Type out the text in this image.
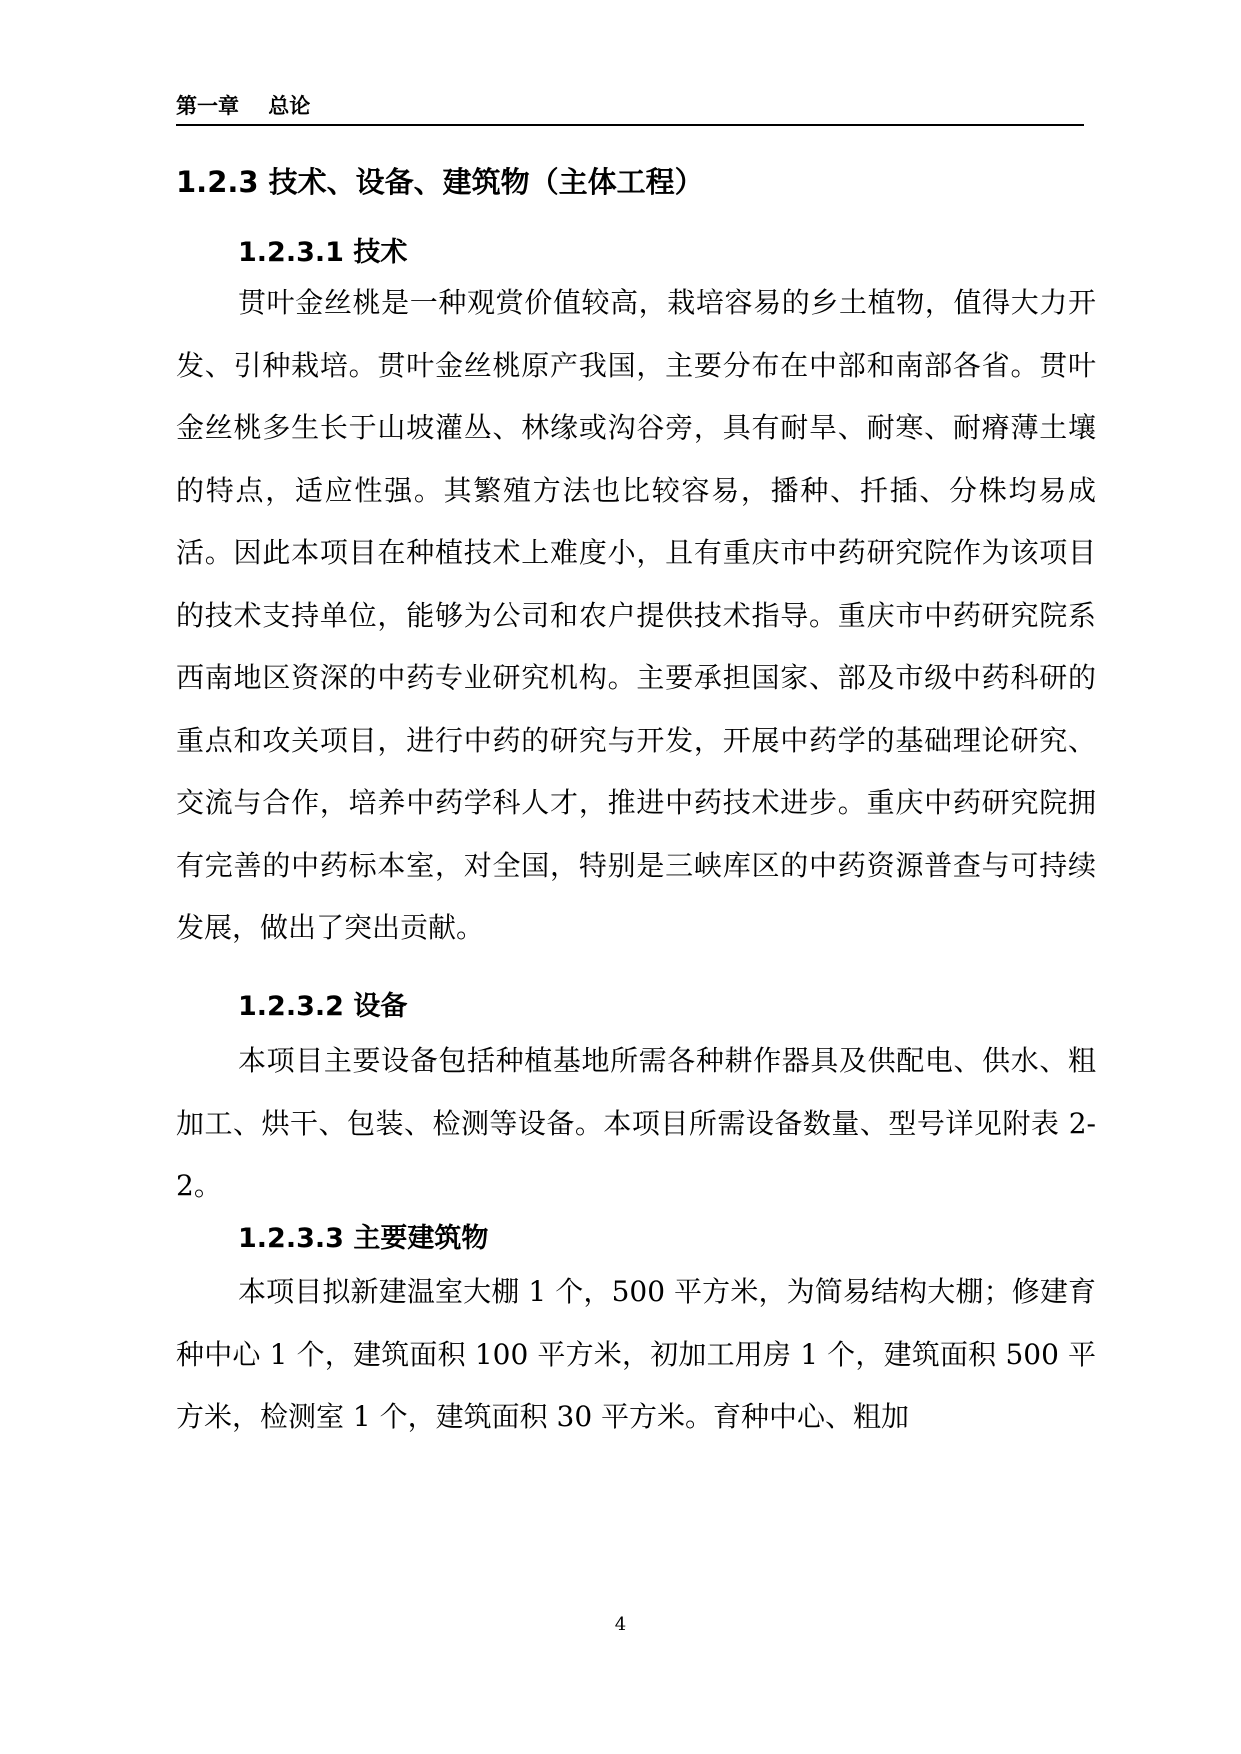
第一章    总论
1.2.3 技术、设备、建筑物（主体工程）
1.2.3.1 技术

贯叶金丝桃是一种观赏价值较高，栽培容易的乡土植物，值得大力开发、引种栽培。贯叶金丝桃原产我国，主要分布在中部和南部各省。贯叶金丝桃多生长于山坡灌丛、林缘或沟谷旁，具有耐旱、耐寒、耐瘠薄土壤的特点，适应性强。其繁殖方法也比较容易，播种、扦插、分株均易成活。因此本项目在种植技术上难度小，且有重庆市中药研究院作为该项目的技术支持单位，能够为公司和农户提供技术指导。重庆市中药研究院系西南地区资深的中药专业研究机构。主要承担国家、部及市级中药科研的重点和攻关项目，进行中药的研究与开发，开展中药学的基础理论研究、交流与合作，培养中药学科人才，推进中药技术进步。重庆中药研究院拥有完善的中药标本室，对全国，特别是三峡库区的中药资源普查与可持续发展，做出了突出贡献。

1.2.3.2 设备

本项目主要设备包括种植基地所需各种耕作器具及供配电、供水、粗加工、烘干、包装、检测等设备。本项目所需设备数量、型号详见附表 2-2。

1.2.3.3 主要建筑物

本项目拟新建温室大棚 1 个，500 平方米，为简易结构大棚；修建育种中心 1 个，建筑面积 100 平方米，初加工用房 1 个，建筑面积 500 平方米，检测室 1 个，建筑面积 30 平方米。育种中心、粗加

4
